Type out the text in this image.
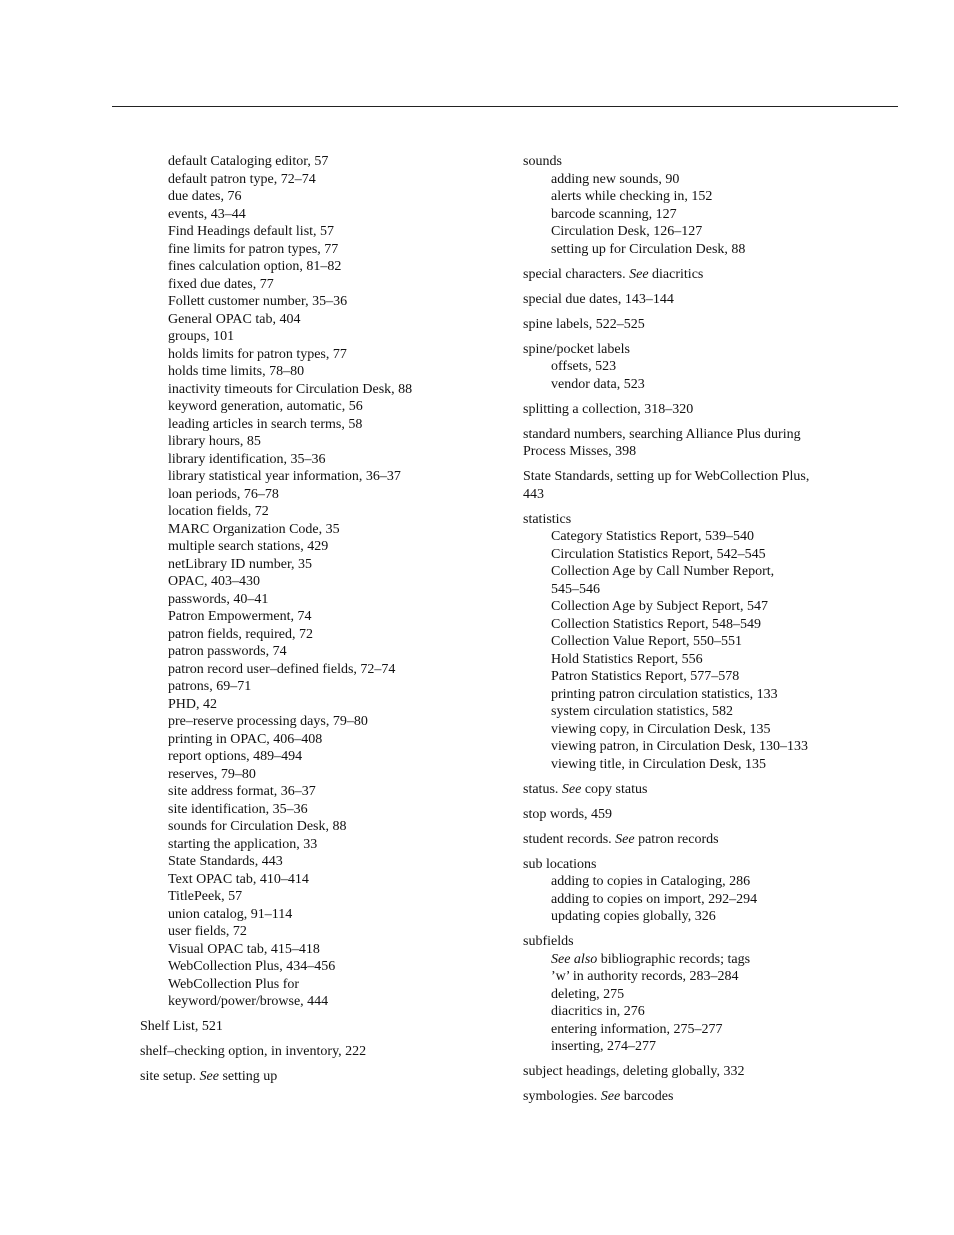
default Cataloging editor, 57
default patron type, 72–74
due dates, 76
events, 43–44
Find Headings default list, 57
fine limits for patron types, 77
fines calculation option, 81–82
fixed due dates, 77
Follett customer number, 35–36
General OPAC tab, 404
groups, 101
holds limits for patron types, 77
holds time limits, 78–80
inactivity timeouts for Circulation Desk, 88
keyword generation, automatic, 56
leading articles in search terms, 58
library hours, 85
library identification, 35–36
library statistical year information, 36–37
loan periods, 76–78
location fields, 72
MARC Organization Code, 35
multiple search stations, 429
netLibrary ID number, 35
OPAC, 403–430
passwords, 40–41
Patron Empowerment, 74
patron fields, required, 72
patron passwords, 74
patron record user–defined fields, 72–74
patrons, 69–71
PHD, 42
pre–reserve processing days, 79–80
printing in OPAC, 406–408
report options, 489–494
reserves, 79–80
site address format, 36–37
site identification, 35–36
sounds for Circulation Desk, 88
starting the application, 33
State Standards, 443
Text OPAC tab, 410–414
TitlePeek, 57
union catalog, 91–114
user fields, 72
Visual OPAC tab, 415–418
WebCollection Plus, 434–456
WebCollection Plus for
keyword/power/browse, 444
Shelf List, 521
shelf–checking option, in inventory, 222
site setup. See setting up
sounds
adding new sounds, 90
alerts while checking in, 152
barcode scanning, 127
Circulation Desk, 126–127
setting up for Circulation Desk, 88
special characters. See diacritics
special due dates, 143–144
spine labels, 522–525
spine/pocket labels
offsets, 523
vendor data, 523
splitting a collection, 318–320
standard numbers, searching Alliance Plus during
Process Misses, 398
State Standards, setting up for WebCollection Plus,
443
statistics
Category Statistics Report, 539–540
Circulation Statistics Report, 542–545
Collection Age by Call Number Report,
545–546
Collection Age by Subject Report, 547
Collection Statistics Report, 548–549
Collection Value Report, 550–551
Hold Statistics Report, 556
Patron Statistics Report, 577–578
printing patron circulation statistics, 133
system circulation statistics, 582
viewing copy, in Circulation Desk, 135
viewing patron, in Circulation Desk, 130–133
viewing title, in Circulation Desk, 135
status. See copy status
stop words, 459
student records. See patron records
sub locations
adding to copies in Cataloging, 286
adding to copies on import, 292–294
updating copies globally, 326
subfields
See also bibliographic records; tags
’w’ in authority records, 283–284
deleting, 275
diacritics in, 276
entering information, 275–277
inserting, 274–277
subject headings, deleting globally, 332
symbologies. See barcodes
